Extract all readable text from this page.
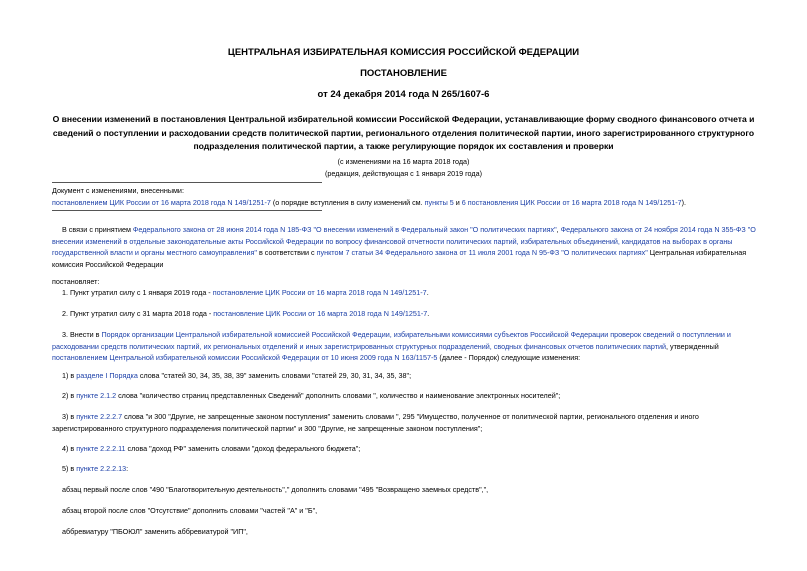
ЦЕНТРАЛЬНАЯ ИЗБИРАТЕЛЬНАЯ КОМИССИЯ РОССИЙСКОЙ ФЕДЕРАЦИИ
ПОСТАНОВЛЕНИЕ
от 24 декабря 2014 года N 265/1607-6
О внесении изменений в постановления Центральной избирательной комиссии Российской Федерации, устанавливающие форму сводного финансового отчета и сведений о поступлении и расходовании средств политической партии, регионального отделения политической партии, иного зарегистрированного структурного подразделения политической партии, а также регулирующие порядок их составления и проверки
(с изменениями на 16 марта 2018 года)
(редакция, действующая с 1 января 2019 года)
Документ с изменениями, внесенными:
постановлением ЦИК России от 16 марта 2018 года N 149/1251-7 (о порядке вступления в силу изменений см. пункты 5 и 6 постановления ЦИК России от 16 марта 2018 года N 149/1251-7).
В связи с принятием Федерального закона от 28 июня 2014 года N 185-ФЗ "О внесении изменений в Федеральный закон "О политических партиях", Федерального закона от 24 ноября 2014 года N 355-ФЗ "О внесении изменений в отдельные законодательные акты Российской Федерации по вопросу финансовой отчетности политических партий, избирательных объединений, кандидатов на выборах в органы государственной власти и органы местного самоуправления" в соответствии с пунктом 7 статьи 34 Федерального закона от 11 июля 2001 года N 95-ФЗ "О политических партиях" Центральная избирательная комиссия Российской Федерации
постановляет:
1. Пункт утратил силу с 1 января 2019 года - постановление ЦИК России от 16 марта 2018 года N 149/1251-7.
2. Пункт утратил силу с 31 марта 2018 года - постановление ЦИК России от 16 марта 2018 года N 149/1251-7.
3. Внести в Порядок организации Центральной избирательной комиссией Российской Федерации, избирательными комиссиями субъектов Российской Федерации проверок сведений о поступлении и расходовании средств политических партий, их региональных отделений и иных зарегистрированных структурных подразделений, сводных финансовых отчетов политических партий, утвержденный постановлением Центральной избирательной комиссии Российской Федерации от 10 июня 2009 года N 163/1157-5 (далее - Порядок) следующие изменения:
1) в разделе I Порядка слова "статей 30, 34, 35, 38, 39" заменить словами "статей 29, 30, 31, 34, 35, 38";
2) в пункте 2.1.2 слова "количество страниц представленных Сведений" дополнить словами ", количество и наименование электронных носителей";
3) в пункте 2.2.2.7 слова "и 300 "Другие, не запрещенные законом поступления" заменить словами ", 295 "Имущество, полученное от политической партии, регионального отделения и иного зарегистрированного структурного подразделения политической партии" и 300 "Другие, не запрещенные законом поступления";
4) в пункте 2.2.2.11 слова "доход РФ" заменить словами "доход федерального бюджета";
5) в пункте 2.2.2.13:
абзац первый после слов "490 "Благотворительную деятельность"," дополнить словами "495 "Возвращено заемных средств",",
абзац второй после слов "Отсутствие" дополнить словами "частей "А" и "Б",
аббревиатуру "ПБОЮЛ" заменить аббревиатурой "ИП",
